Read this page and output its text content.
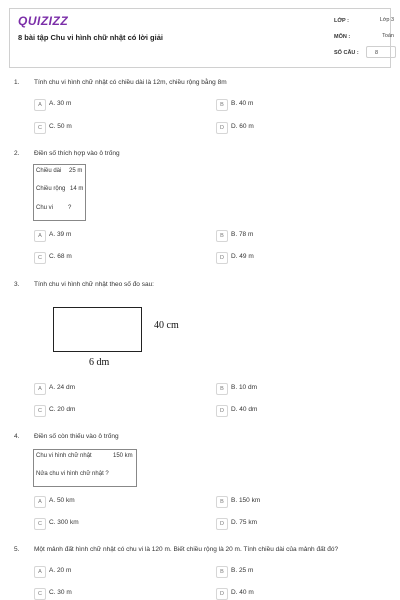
QUIZIZZ
8 bài tập Chu vi hình chữ nhật có lời giải
LỚP :	Lớp 3
MÔN :	Toán
SỐ CÂU :	8
1. Tính chu vi hình chữ nhật có chiều dài là 12m, chiều rộng bằng 8m
A	A. 30 m	B	B. 40 m
C	C. 50 m	D	D. 60 m
2. Điền số thích hợp vào ô trống
Chiều dài 25 m
Chiều rộng 14 m
Chu vi ?
A	A. 39 m	B	B. 78 m
C	C. 68 m	D	D. 49 m
3. Tính chu vi hình chữ nhật theo số đo sau:
40 cm
6 dm
A	A. 24 dm	B	B. 10 dm
C	C. 20 dm	D	D. 40 dm
4. Điền số còn thiếu vào ô trống
Chu vi hình chữ nhật	150 km
Nửa chu vi hình chữ nhật ?
A	A. 50 km	B	B. 150 km
C	C. 300 km	D	D. 75 km
5. Một mảnh đất hình chữ nhật có chu vi là 120 m. Biết chiều rộng là 20 m. Tính chiều dài của mảnh đất đó?
A	A. 20 m	B	B. 25 m
C	C. 30 m	D	D. 40 m
